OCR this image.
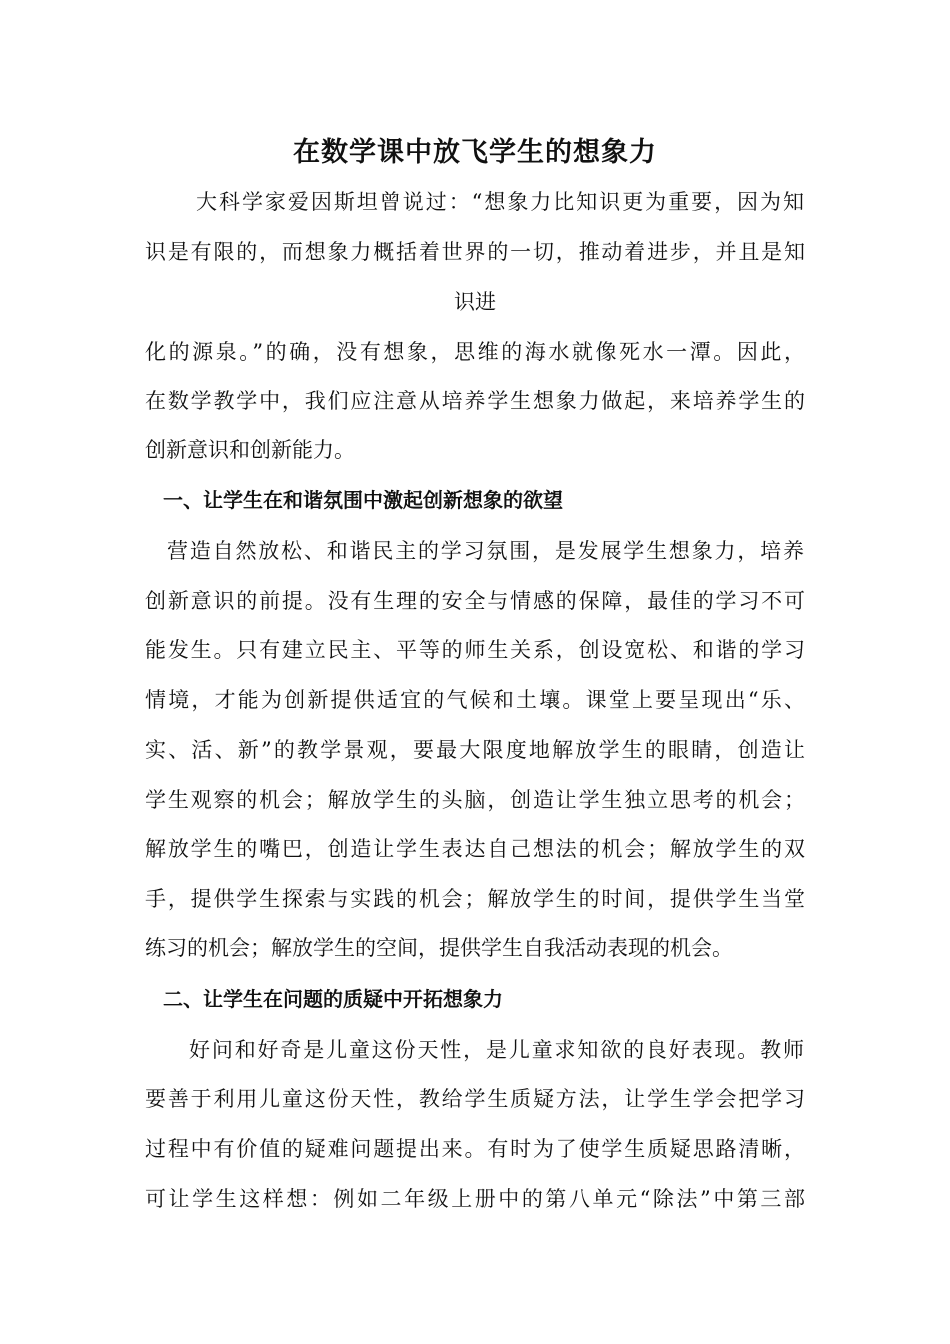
在数学课中放飞学生的想象力
大科学家爱因斯坦曾说过：“想象力比知识更为重要，因为知
识是有限的，而想象力概括着世界的一切，推动着进步，并且是知
识进
化的源泉。”的确，没有想象，思维的海水就像死水一潭。因此，
在数学教学中，我们应注意从培养学生想象力做起，来培养学生的
创新意识和创新能力。
一、让学生在和谐氛围中激起创新想象的欲望
营造自然放松、和谐民主的学习氛围，是发展学生想象力，培养
创新意识的前提。没有生理的安全与情感的保障，最佳的学习不可
能发生。只有建立民主、平等的师生关系，创设宽松、和谐的学习
情境，才能为创新提供适宜的气候和土壤。课堂上要呈现出“乐、
实、活、新”的教学景观，要最大限度地解放学生的眼睛，创造让
学生观察的机会；解放学生的头脑，创造让学生独立思考的机会；
解放学生的嘴巴，创造让学生表达自己想法的机会；解放学生的双
手，提供学生探索与实践的机会；解放学生的时间，提供学生当堂
练习的机会；解放学生的空间，提供学生自我活动表现的机会。
二、让学生在问题的质疑中开拓想象力
好问和好奇是儿童这份天性，是儿童求知欲的良好表现。教师
要善于利用儿童这份天性，教给学生质疑方法，让学生学会把学习
过程中有价值的疑难问题提出来。有时为了使学生质疑思路清晰，
可让学生这样想：例如二年级上册中的第八单元“除法”中第三部
